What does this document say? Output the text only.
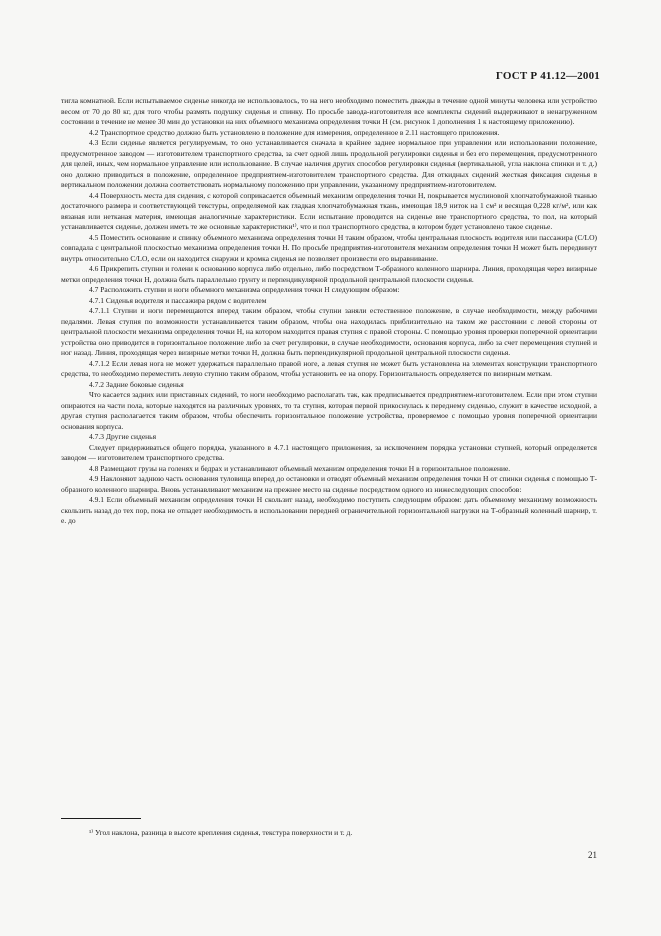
ГОСТ Р 41.12—2001

тигла комнатной. Если испытываемое сиденье никогда не использовалось, то на него необходимо поместить дважды в течение одной минуты человека или устройство весом от 70 до 80 кг, для того чтобы размять подушку сиденья и спинку. По просьбе завода-изготовителя все комплекты сидений выдерживают в ненагруженном состоянии в течение не менее 30 мин до установки на них объемного механизма определения точки H (см. рисунок 1 дополнения 1 к настоящему приложению).

4.2 Транспортное средство должно быть установлено в положение для измерения, определенное в 2.11 настоящего приложения.

4.3 Если сиденье является регулируемым, то оно устанавливается сначала в крайнее заднее нормальное при управлении или использовании положение, предусмотренное заводом — изготовителем транспортного средства, за счет одной лишь продольной регулировки сиденья и без его перемещения, предусмотренного для целей, иных, чем нормальное управление или использование. В случае наличия других способов регулировки сиденья (вертикальной, угла наклона спинки и т. д.) оно должно приводиться в положение, определенное предприятием-изготовителем транспортного средства. Для откидных сидений жесткая фиксация сиденья в вертикальном положении должна соответствовать нормальному положению при управлении, указанному предприятием-изготовителем.

4.4 Поверхность места для сидения, с которой соприкасается объемный механизм определения точки H, покрывается муслиновой хлопчатобумажной тканью достаточного размера и соответствующей текстуры, определяемой как гладкая хлопчатобумажная ткань, имеющая 18,9 ниток на 1 см² и весящая 0,228 кг/м², или как вязаная или нетканая материя, имеющая аналогичные характеристики. Если испытание проводится на сиденье вне транспортного средства, то пол, на который устанавливается сиденье, должен иметь те же основные характеристики¹⁾, что и пол транспортного средства, в котором будет установлено такое сиденье.

4.5 Поместить основание и спинку объемного механизма определения точки H таким образом, чтобы центральная плоскость водителя или пассажира (C/LO) совпадала с центральной плоскостью механизма определения точки H. По просьбе предприятия-изготовителя механизм определения точки H может быть передвинут внутрь относительно C/LO, если он находится снаружи и кромка сиденья не позволяет произвести его выравнивание.

4.6 Прикрепить ступни и голени к основанию корпуса либо отдельно, либо посредством Т-образного коленного шарнира. Линия, проходящая через визирные метки определения точки H, должна быть параллельно грунту и перпендикулярной продольной центральной плоскости сиденья.

4.7 Расположить ступни и ноги объемного механизма определения точки H следующим образом:

4.7.1 Сиденья водителя и пассажира рядом с водителем

4.7.1.1 Ступни и ноги перемещаются вперед таким образом, чтобы ступни заняли естественное положение, в случае необходимости, между рабочими педалями. Левая ступня по возможности устанавливается таким образом, чтобы она находилась приблизительно на таком же расстоянии с левой стороны от центральной плоскости механизма определения точки H, на котором находится правая ступня с правой стороны. С помощью уровня проверки поперечной ориентации устройства оно приводится в горизонтальное положение либо за счет регулировки, в случае необходимости, основания корпуса, либо за счет перемещения ступней и ног назад. Линия, проходящая через визирные метки точки H, должна быть перпендикулярной продольной центральной плоскости сиденья.

4.7.1.2 Если левая нога не может удержаться параллельно правой ноге, а левая ступня не может быть установлена на элементах конструкции транспортного средства, то необходимо переместить левую ступню таким образом, чтобы установить ее на опору. Горизонтальность определяется по визирным меткам.

4.7.2 Задние боковые сиденья

Что касается задних или приставных сидений, то ноги необходимо располагать так, как предписывается предприятием-изготовителем. Если при этом ступни опираются на части пола, которые находятся на различных уровнях, то та ступня, которая первой прикоснулась к переднему сиденью, служит в качестве исходной, а другая ступня располагается таким образом, чтобы обеспечить горизонтальное положение устройства, проверяемое с помощью уровня поперечной ориентации основания корпуса.

4.7.3 Другие сиденья

Следует придерживаться общего порядка, указанного в 4.7.1 настоящего приложения, за исключением порядка установки ступней, который определяется заводом — изготовителем транспортного средства.

4.8 Размещают грузы на голенях и бедрах и устанавливают объемный механизм определения точки H в горизонтальное положение.

4.9 Наклоняют заднюю часть основания туловища вперед до остановки и отводят объемный механизм определения точки H от спинки сиденья с помощью Т-образного коленного шарнира. Вновь устанавливают механизм на прежнее место на сиденье посредством одного из нижеследующих способов:

4.9.1 Если объемный механизм определения точки H скользит назад, необходимо поступить следующим образом: дать объемному механизму возможность скользить назад до тех пор, пока не отпадет необходимость в использовании передней ограничительной горизонтальной нагрузки на Т-образный коленный шарнир, т. е. до

¹⁾ Угол наклона, разница в высоте крепления сиденья, текстура поверхности и т. д.
21
